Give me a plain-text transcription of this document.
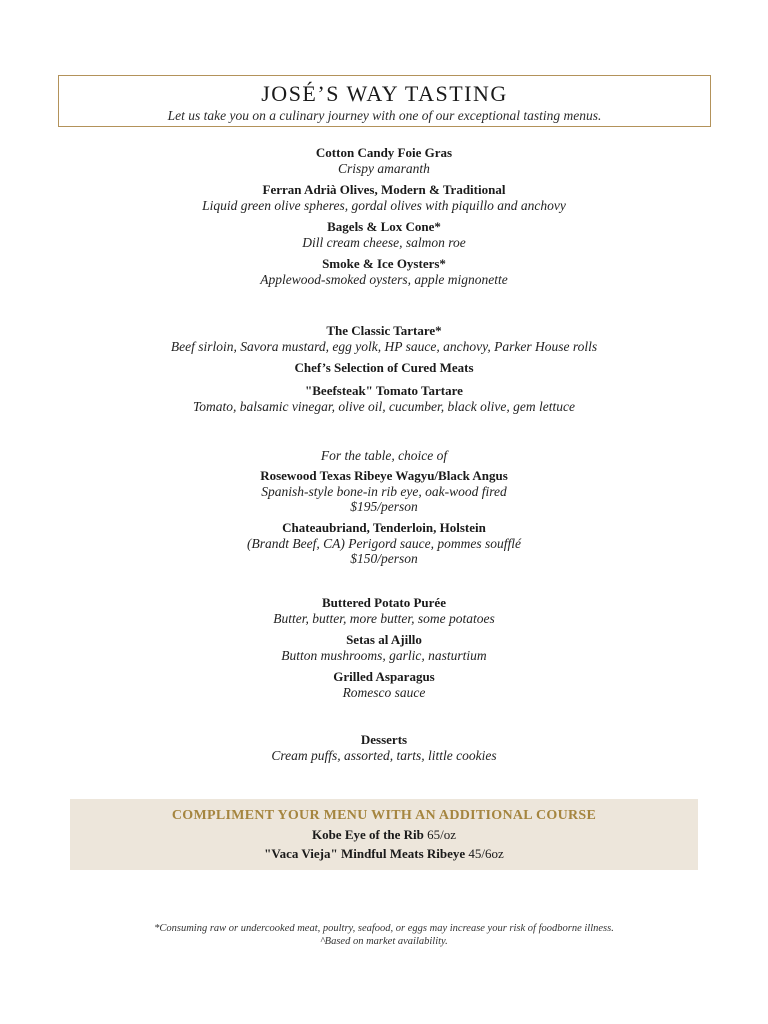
JOSÉ’S WAY TASTING
Let us take you on a culinary journey with one of our exceptional tasting menus.
Cotton Candy Foie Gras
Crispy amaranth
Ferran Adrià Olives, Modern & Traditional
Liquid green olive spheres, gordal olives with piquillo and anchovy
Bagels & Lox Cone*
Dill cream cheese, salmon roe
Smoke & Ice Oysters*
Applewood-smoked oysters, apple mignonette
The Classic Tartare*
Beef sirloin, Savora mustard, egg yolk, HP sauce, anchovy, Parker House rolls
Chef’s Selection of Cured Meats
"Beefsteak" Tomato Tartare
Tomato, balsamic vinegar, olive oil, cucumber, black olive, gem lettuce
For the table, choice of
Rosewood Texas Ribeye Wagyu/Black Angus
Spanish-style bone-in rib eye, oak-wood fired
$195/person
Chateaubriand, Tenderloin, Holstein
(Brandt Beef, CA) Perigord sauce, pommes soufflé
$150/person
Buttered Potato Purée
Butter, butter, more butter, some potatoes
Setas al Ajillo
Button mushrooms, garlic, nasturtium
Grilled Asparagus
Romesco sauce
Desserts
Cream puffs, assorted, tarts, little cookies
COMPLIMENT YOUR MENU WITH AN ADDITIONAL COURSE
Kobe Eye of the Rib 65/oz
"Vaca Vieja" Mindful Meats Ribeye 45/6oz
*Consuming raw or undercooked meat, poultry, seafood, or eggs may increase your risk of foodborne illness.
^Based on market availability.
